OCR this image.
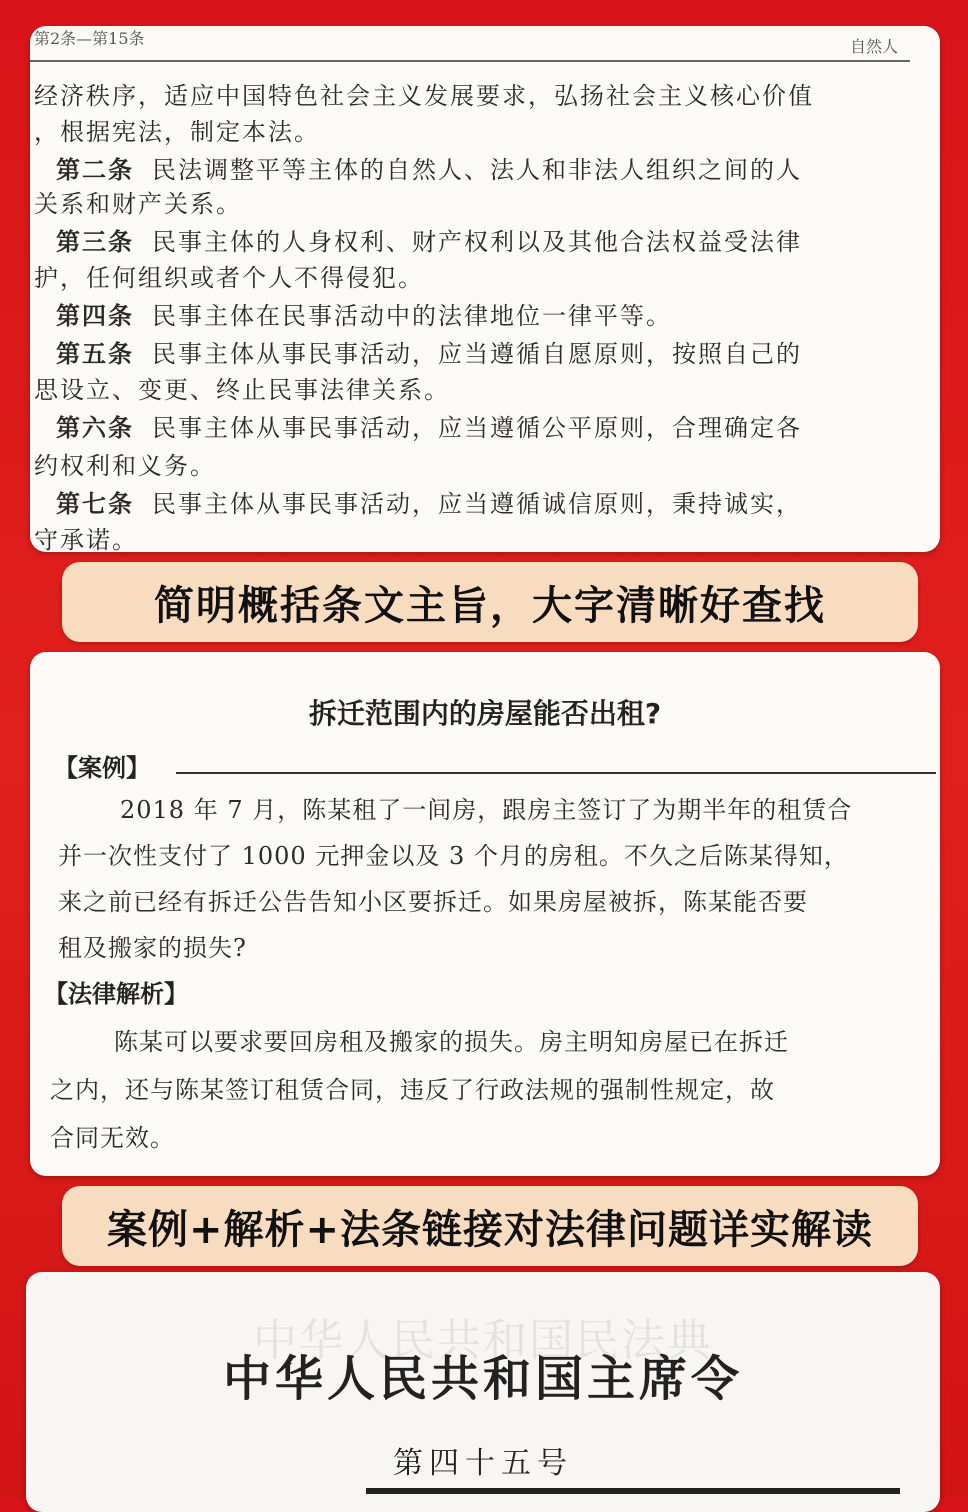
第2条—第15条	自然人
经济秩序，适应中国特色社会主义发展要求，弘扬社会主义核心价值
，根据宪法，制定本法。
第二条 民法调整平等主体的自然人、法人和非法人组织之间的人
关系和财产关系。
第三条 民事主体的人身权利、财产权利以及其他合法权益受法律
护，任何组织或者个人不得侵犯。
第四条 民事主体在民事活动中的法律地位一律平等。
第五条 民事主体从事民事活动，应当遵循自愿原则，按照自己的
思设立、变更、终止民事法律关系。
第六条 民事主体从事民事活动，应当遵循公平原则，合理确定各
约权利和义务。
第七条 民事主体从事民事活动，应当遵循诚信原则，秉持诚实，
守承诺。
简明概括条文主旨，大字清晰好查找
拆迁范围内的房屋能否出租?
【案例】
2018 年 7 月，陈某租了一间房，跟房主签订了为期半年的租赁合
并一次性支付了 1000 元押金以及 3 个月的房租。不久之后陈某得知，
来之前已经有拆迁公告告知小区要拆迁。如果房屋被拆，陈某能否要
租及搬家的损失?
【法律解析】
陈某可以要求要回房租及搬家的损失。房主明知房屋已在拆迁
之内，还与陈某签订租赁合同，违反了行政法规的强制性规定，故
合同无效。
案例+解析+法条链接对法律问题详实解读
中华人民共和国民法典
中华人民共和国主席令
第四十五号
